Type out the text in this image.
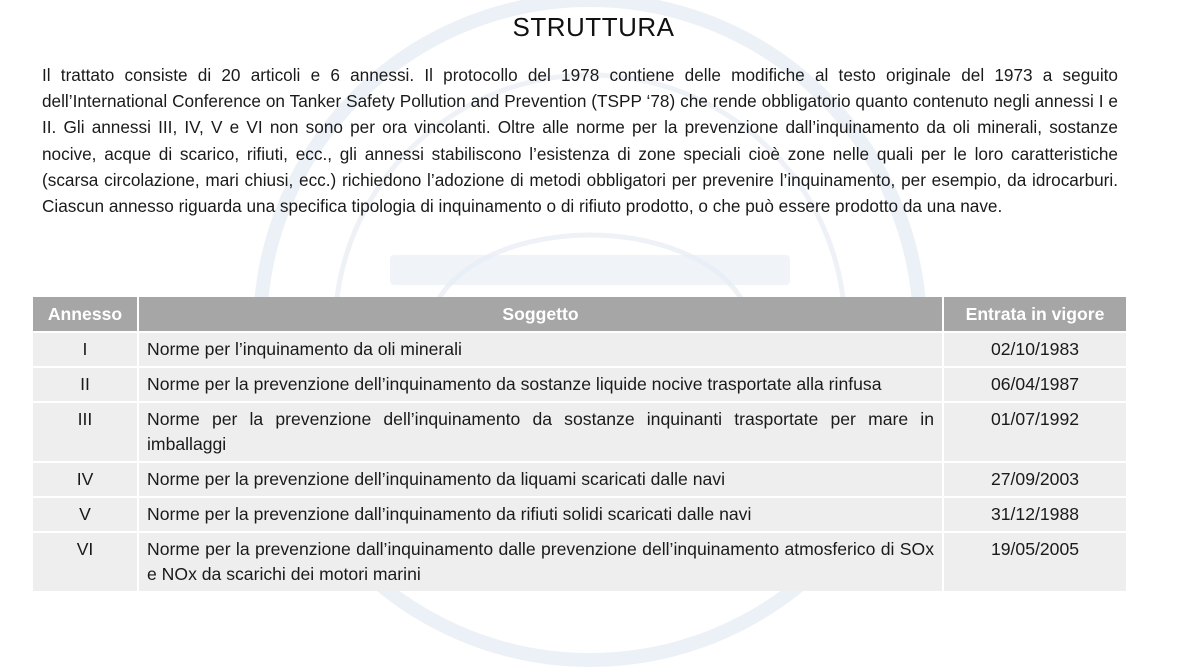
STRUTTURA
Il trattato consiste di 20 articoli e 6 annessi. Il protocollo del 1978 contiene delle modifiche al testo originale del 1973 a seguito dell’International Conference on Tanker Safety Pollution and Prevention (TSPP ‘78) che rende obbligatorio quanto contenuto negli annessi I e II. Gli annessi III, IV, V e VI non sono per ora vincolanti. Oltre alle norme per la prevenzione dall’inquinamento da oli minerali, sostanze nocive, acque di scarico, rifiuti, ecc., gli annessi stabiliscono l’esistenza di zone speciali cioè zone nelle quali per le loro caratteristiche (scarsa circolazione, mari chiusi, ecc.) richiedono l’adozione di metodi obbligatori per prevenire l’inquinamento, per esempio, da idrocarburi. Ciascun annesso riguarda una specifica tipologia di inquinamento o di rifiuto prodotto, o che può essere prodotto da una nave.
Annesso	Soggetto	Entrata in vigore
I	Norme per l’inquinamento da oli minerali	02/10/1983
II	Norme per la prevenzione dell’inquinamento da sostanze liquide nocive trasportate alla rinfusa	06/04/1987
III	Norme per la prevenzione dell’inquinamento da sostanze inquinanti trasportate per mare in imballaggi	01/07/1992
IV	Norme per la prevenzione dell’inquinamento da liquami scaricati dalle navi	27/09/2003
V	Norme per la prevenzione dall’inquinamento da rifiuti solidi scaricati dalle navi	31/12/1988
VI	Norme per la prevenzione dall’inquinamento dalle prevenzione dell’inquinamento atmosferico di SOx e NOx da scarichi dei motori marini	19/05/2005
